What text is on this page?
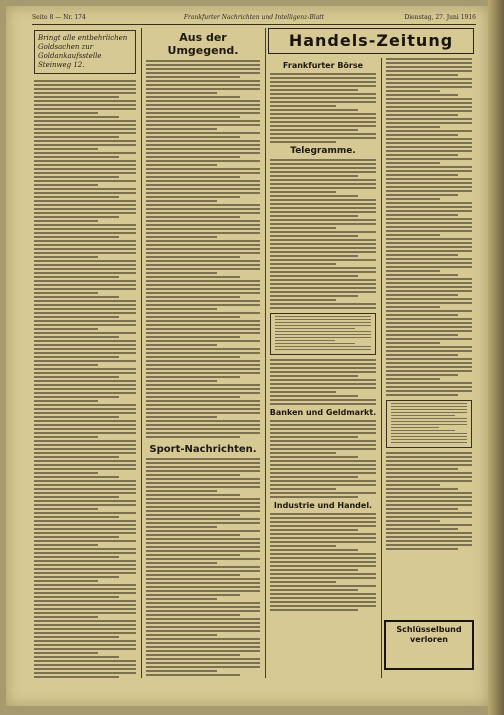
Seite 8 — Nr. 174	Frankfurter Nachrichten und Intelligenz-Blatt	Dienstag, 27. Juni 1916
Bringt alle entbehrlichen Goldsachen zur Goldankaufsstelle Steinweg 12.
Aus der Umgegend.
Sport-Nachrichten.
Handels-Zeitung
Frankfurter Börse
Telegramme.
Banken und Geldmarkt.
Industrie und Handel.
Schlüsselbund verloren
